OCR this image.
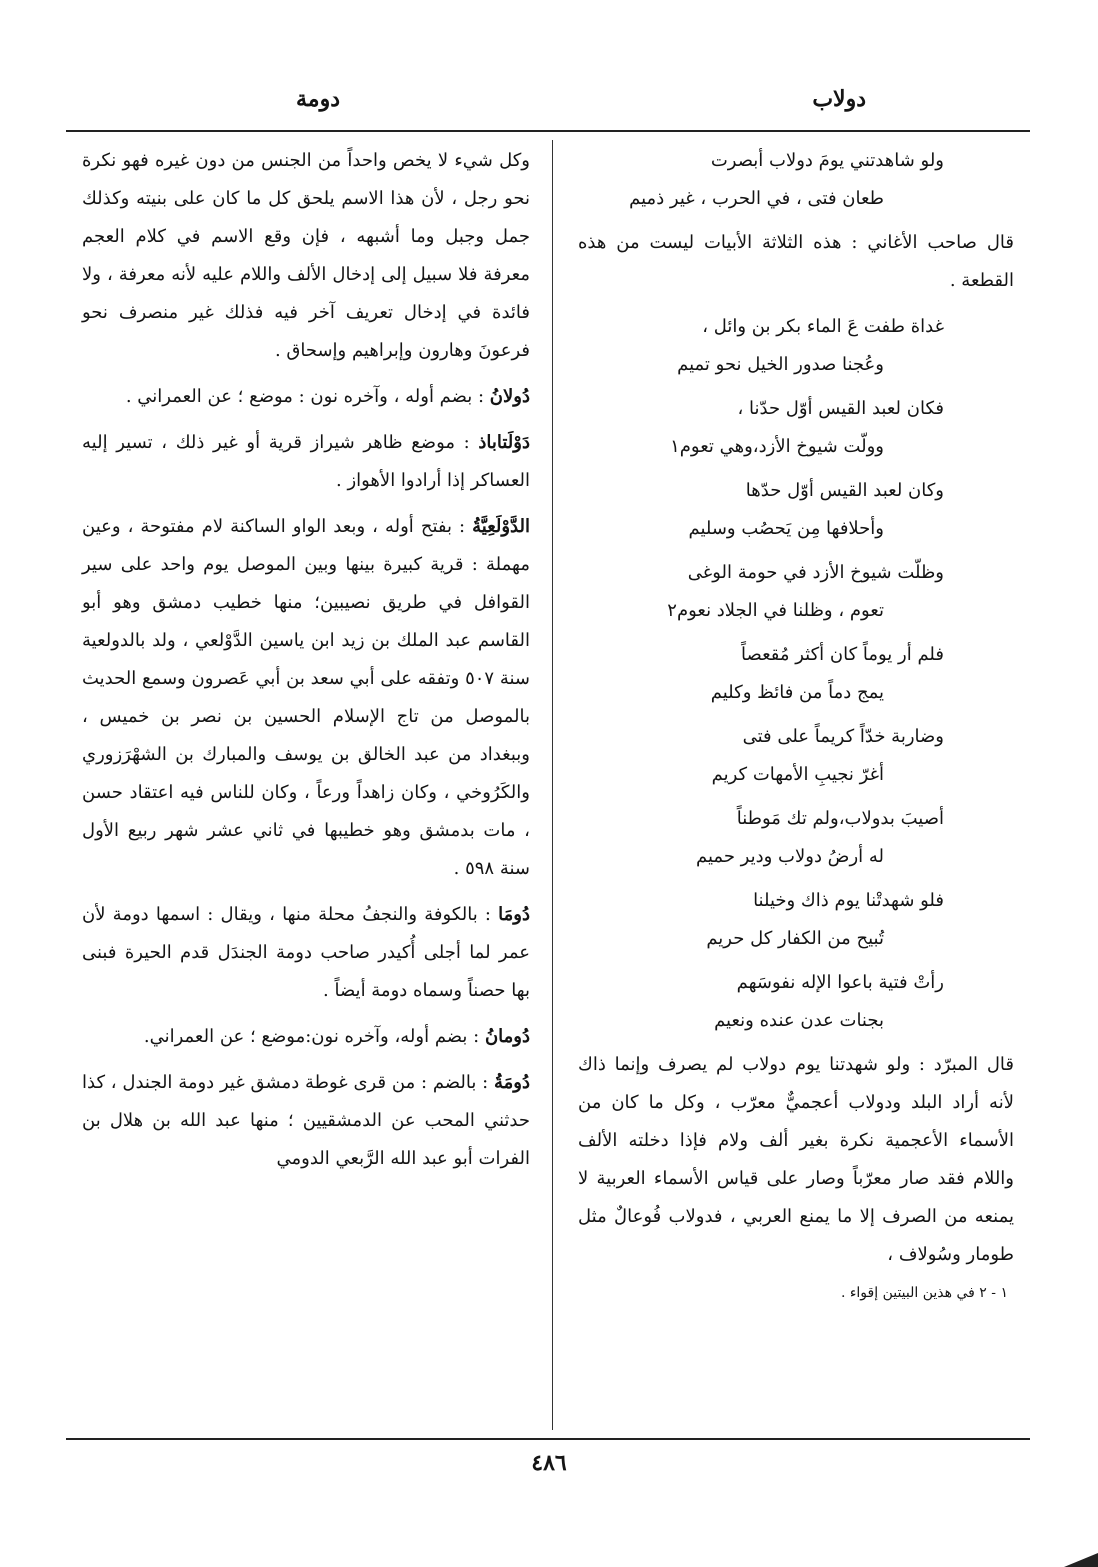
دولاب
دومة

ولو شاهدتني يومَ دولاب أبصرت

طعان فتى ، في الحرب ، غير ذميم

قال صاحب الأغاني : هذه الثلاثة الأبيات ليست من هذه القطعة .

غداة طفت عَ الماء بكر بن وائل ،

وعُجنا صدور الخيل نحو تميم

فكان لعبد القيس أوّل حدّنا ،

وولّت شيوخ الأزد،وهي تعوم١

وكان لعبد القيس أوّل حدّها

وأحلافها مِن يَحصُب وسليم

وظلّت شيوخ الأزد في حومة الوغى

تعوم ، وظلنا في الجلاد نعوم٢

فلم أر يوماً كان أكثر مُقعصاً

يمج دماً من فائظ وكليم

وضاربة خدّاً كريماً على فتى

أغرّ نجيبِ الأمهات كريم

أصيبَ بدولاب،ولم تك مَوطناً

له أرضُ دولاب ودير حميم

فلو شهدتْنا يوم ذاك وخيلنا

تُبيح من الكفار كل حريم

رأتْ فتية باعوا الإله نفوسَهم

بجنات عدن عنده ونعيم

قال المبرّد : ولو شهدتنا يوم دولاب لم يصرف وإنما ذاك لأنه أراد البلد ودولاب أعجميٌّ معرّب ، وكل ما كان من الأسماء الأعجمية نكرة بغير ألف ولام فإذا دخلته الألف واللام فقد صار معرّباً وصار على قياس الأسماء العربية لا يمنعه من الصرف إلا ما يمنع العربي ، فدولاب فُوعالٌ مثل طومار وسُولاف ،

١ - ٢ في هذين البيتين إقواء .

وكل شيء لا يخص واحداً من الجنس من دون غيره فهو نكرة نحو رجل ، لأن هذا الاسم يلحق كل ما كان على بنيته وكذلك جمل وجبل وما أشبهه ، فإن وقع الاسم في كلام العجم معرفة فلا سبيل إلى إدخال الألف واللام عليه لأنه معرفة ، ولا فائدة في إدخال تعريف آخر فيه فذلك غير منصرف نحو فرعونَ وهارون وإبراهيم وإسحاق .

دُولانُ : بضم أوله ، وآخره نون : موضع ؛ عن العمراني .

دَوْلَتاباذ : موضع ظاهر شيراز قرية أو غير ذلك ، تسير إليه العساكر إذا أرادوا الأهواز .

الدَّوْلَعِيَّةُ : بفتح أوله ، وبعد الواو الساكنة لام مفتوحة ، وعين مهملة : قرية كبيرة بينها وبين الموصل يوم واحد على سير القوافل في طريق نصيبين؛ منها خطيب دمشق وهو أبو القاسم عبد الملك بن زيد ابن ياسين الدَّوْلعي ، ولد بالدولعية سنة ٥٠٧ وتفقه على أبي سعد بن أبي عَصرون وسمع الحديث بالموصل من تاج الإسلام الحسين بن نصر بن خميس ، وببغداد من عبد الخالق بن يوسف والمبارك بن الشهْرَزوري والكَرُوخي ، وكان زاهداً ورعاً ، وكان للناس فيه اعتقاد حسن ، مات بدمشق وهو خطيبها في ثاني عشر شهر ربيع الأول سنة ٥٩٨ .

دُومَا : بالكوفة والنجفُ محلة منها ، ويقال : اسمها دومة لأن عمر لما أجلى أُكيدر صاحب دومة الجندَل قدم الحيرة فبنى بها حصناً وسماه دومة أيضاً .

دُومانُ : بضم أوله، وآخره نون:موضع ؛ عن العمراني.

دُومَةُ : بالضم : من قرى غوطة دمشق غير دومة الجندل ، كذا حدثني المحب عن الدمشقيين ؛ منها عبد الله بن هلال بن الفرات أبو عبد الله الرَّبعي الدومي

٤٨٦
